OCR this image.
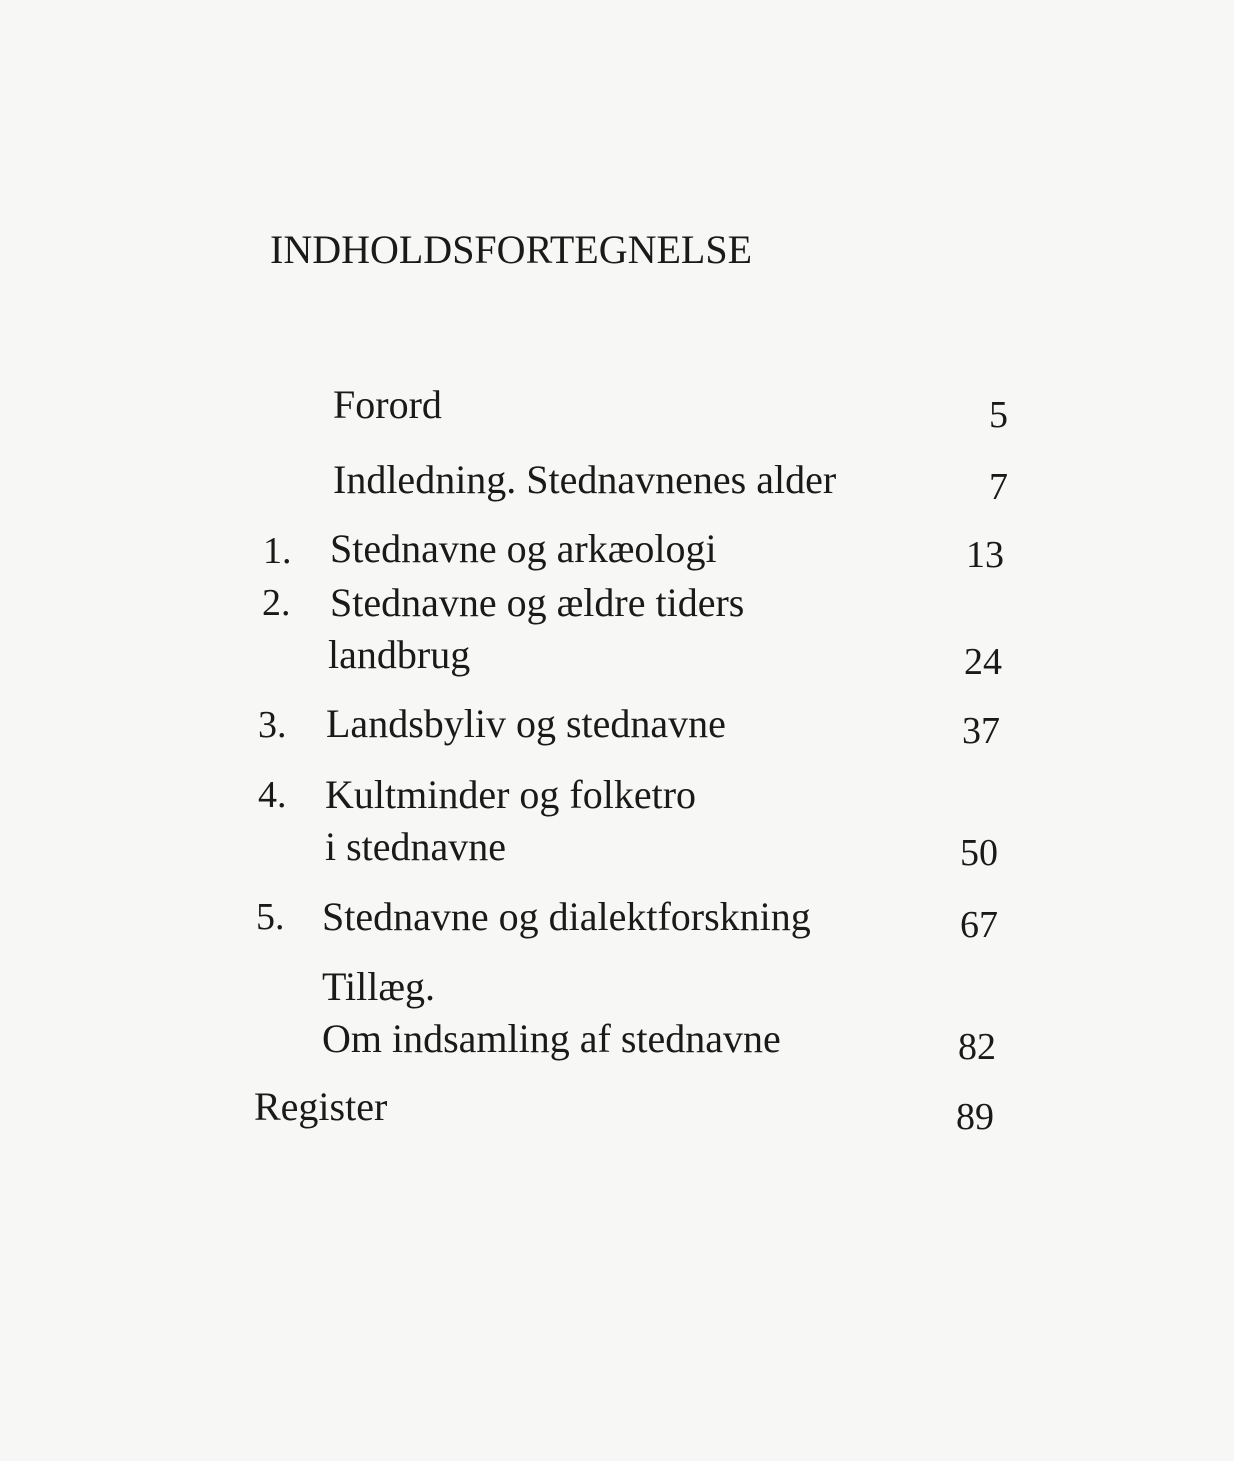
INDHOLDSFORTEGNELSE
Forord	5
Indledning. Stednavnenes alder	7
1. Stednavne og arkæologi	13
2. Stednavne og ældre tiders
landbrug	24
3. Landsbyliv og stednavne	37
4. Kultminder og folketro
i stednavne	50
5. Stednavne og dialektforskning	67
Tillæg.
Om indsamling af stednavne	82
Register	89
